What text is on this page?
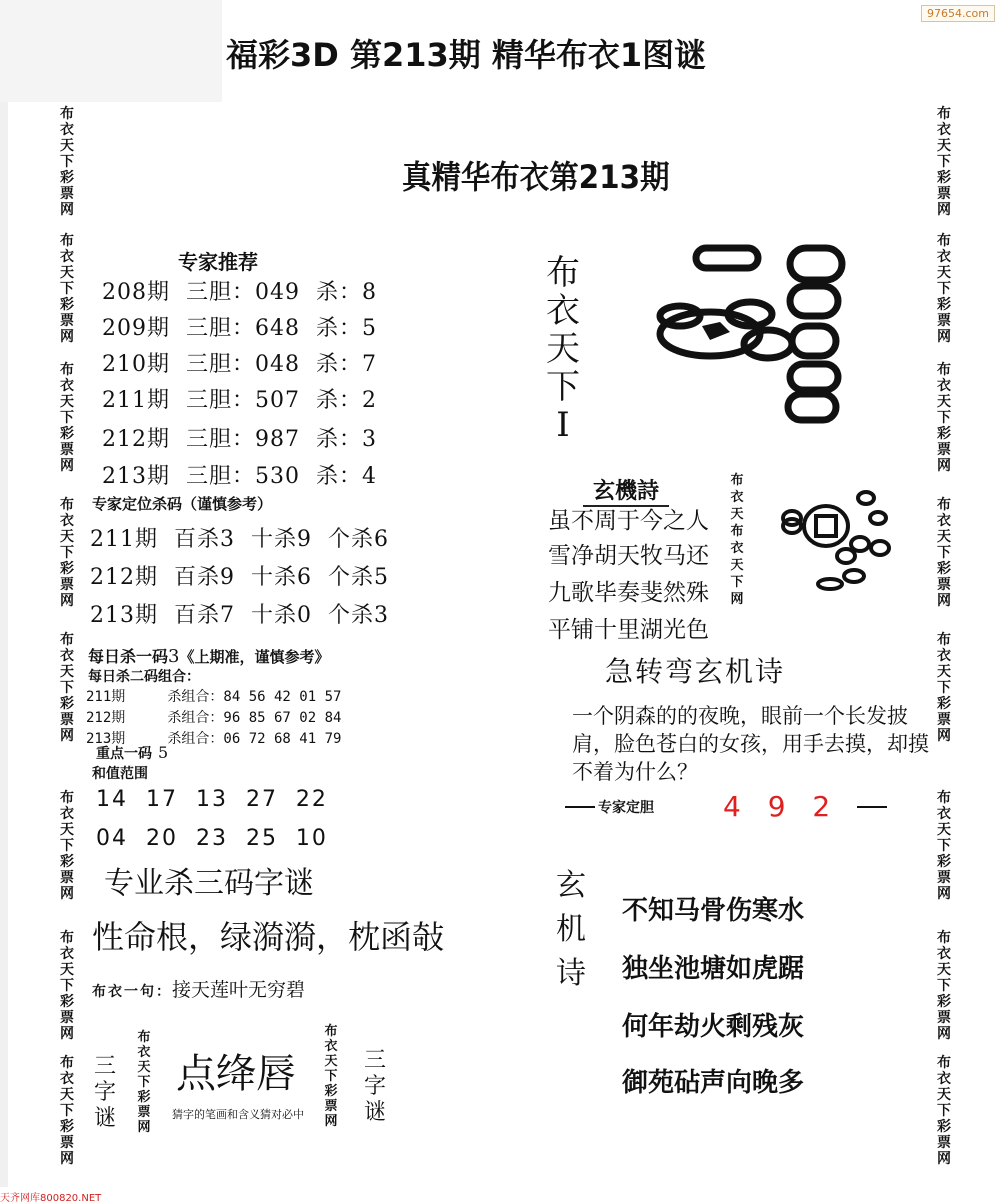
97654.com
福彩3D 第213期 精华布衣1图谜
布衣天下彩票网
布衣天下彩票网
布衣天下彩票网
布衣天下彩票网
布衣天下彩票网
布衣天下彩票网
布衣天下彩票网
布衣天下彩票网
布衣天下彩票网
布衣天下彩票网
布衣天下彩票网
布衣天下彩票网
布衣天下彩票网
布衣天下彩票网
布衣天下彩票网
布衣天下彩票网
真精华布衣第213期
专家推荐
208期  三胆：049  杀：8
209期  三胆：648  杀：5
210期  三胆：048  杀：7
211期  三胆：507  杀：2
212期  三胆：987  杀：3
213期  三胆：530  杀：4
专家定位杀码（谨慎参考）
211期  百杀3  十杀9  个杀6
212期  百杀9  十杀6  个杀5
213期  百杀7  十杀0  个杀3
每日杀一码3《上期准，谨慎参考》
每日杀二码组合：
211期     杀组合：84 56 42 01 57
212期     杀组合：96 85 67 02 84
213期     杀组合：06 72 68 41 79
重点一码 5
和值范围
14  17  13  27  22
04  20  23  25  10
专业杀三码字谜
性命根，绿漪漪，枕函敧
布衣一句：接天莲叶无穷碧
三字谜
布衣天下彩票网
点绛唇
猜字的笔画和含义猜对必中
布衣天下彩票网
三字谜
布衣天下I
玄機詩
虽不周于今之人
雪净胡天牧马还
九歌毕奏斐然殊
平铺十里湖光色
布衣天布衣天下网
急转弯玄机诗
一个阴森的的夜晚，眼前一个长发披肩，脸色苍白的女孩，用手去摸，却摸不着为什么？
专家定胆 4 9 2
玄机诗
不知马骨伤寒水
独坐池塘如虎踞
何年劫火剩残灰
御苑砧声向晚多
天齐网库800820.NET
